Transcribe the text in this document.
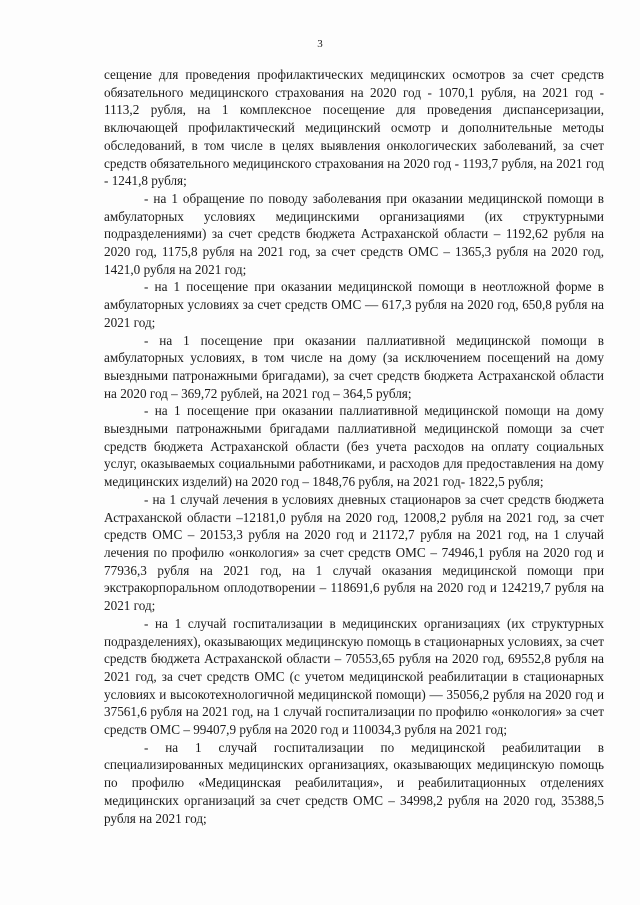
3

сещение для проведения профилактических медицинских осмотров за счет средств обязательного медицинского страхования на 2020 год - 1070,1 рубля, на 2021 год - 1113,2 рубля, на 1 комплексное посещение для проведения диспансеризации, включающей профилактический медицинский осмотр и дополнительные методы обследований, в том числе в целях выявления онкологических заболеваний, за счет средств обязательного медицинского страхования на 2020 год - 1193,7 рубля, на 2021 год - 1241,8 рубля;

- на 1 обращение по поводу заболевания при оказании медицинской помощи в амбулаторных условиях медицинскими организациями (их структурными подразделениями) за счет средств бюджета Астраханской области – 1192,62 рубля на 2020 год, 1175,8 рубля на 2021 год, за счет средств ОМС – 1365,3 рубля на 2020 год, 1421,0 рубля на 2021 год;

- на 1 посещение при оказании медицинской помощи в неотложной форме в амбулаторных условиях за счет средств ОМС — 617,3 рубля на 2020 год, 650,8 рубля на 2021 год;

- на 1 посещение при оказании паллиативной медицинской помощи в амбулаторных условиях, в том числе на дому (за исключением посещений на дому выездными патронажными бригадами), за счет средств бюджета Астраханской области на 2020 год – 369,72 рублей, на 2021 год – 364,5 рубля;

- на 1 посещение при оказании паллиативной медицинской помощи на дому выездными патронажными бригадами паллиативной медицинской помощи за счет средств бюджета Астраханской области (без учета расходов на оплату социальных услуг, оказываемых социальными работниками, и расходов для предоставления на дому медицинских изделий) на 2020 год – 1848,76 рубля, на 2021 год- 1822,5 рубля;

- на 1 случай лечения в условиях дневных стационаров за счет средств бюджета Астраханской области –12181,0 рубля на 2020 год, 12008,2 рубля на 2021 год, за счет средств ОМС – 20153,3 рубля на 2020 год и 21172,7 рубля на 2021 год, на 1 случай лечения по профилю «онкология» за счет средств ОМС – 74946,1 рубля на 2020 год и 77936,3 рубля на 2021 год, на 1 случай оказания медицинской помощи при экстракорпоральном оплодотворении – 118691,6 рубля на 2020 год и 124219,7 рубля на 2021 год;

- на 1 случай госпитализации в медицинских организациях (их структурных подразделениях), оказывающих медицинскую помощь в стационарных условиях, за счет средств бюджета Астраханской области – 70553,65 рубля на 2020 год, 69552,8 рубля на 2021 год, за счет средств ОМС (с учетом медицинской реабилитации в стационарных условиях и высокотехнологичной медицинской помощи) — 35056,2 рубля на 2020 год и 37561,6 рубля на 2021 год, на 1 случай госпитализации по профилю «онкология» за счет средств ОМС – 99407,9 рубля на 2020 год и 110034,3 рубля на 2021 год;

- на 1 случай госпитализации по медицинской реабилитации в специализированных медицинских организациях, оказывающих медицинскую помощь по профилю «Медицинская реабилитация», и реабилитационных отделениях медицинских организаций за счет средств ОМС – 34998,2 рубля на 2020 год, 35388,5 рубля на 2021 год;
